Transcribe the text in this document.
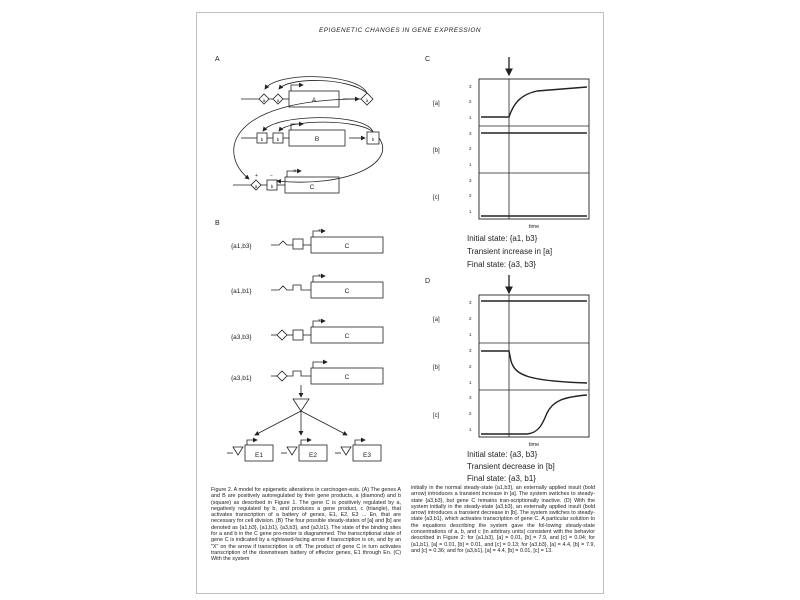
EPIGENETIC CHANGES IN GENE EXPRESSION
A
A
a	a	a
B
b	b	b
C
a	b
×
+ −
B
{a1,b3}	C
×
{a1,b1}	C
×
{a3,b3}	C
×
{a3,b1}	C
E1	E2	E3
C
[a]
[b]
[c]
3
2
1
3
2
1
3
2
1
time
Initial state: {a1, b3}
Transient increase in [a]
Final state: {a3, b3}
D
[a]
[b]
[c]
3
2
1
3
2
1
3
2
1
time
Initial state: {a3, b3}
Transient decrease in [b]
Final state: {a3, b1}
Figure 2. A model for epigenetic alterations in carcinogen-esis. (A) The genes A and B are positively autoregulated by their gene products, a (diamond) and b (square) as described in Figure 1. The gene C is positively regulated by a, negatively regulated by b, and produces a gene product, c (triangle), that activates transcription of a battery of genes, E1, E2, E3 ... En, that are necessary for cell division. (B) The four possible steady-states of [a] and [b] are denoted as {a1,b3}, {a1,b1}, {a3,b3}, and {a3,b1}. The state of the binding sites for a and b in the C gene pro-moter is diagrammed. The transcriptional state of gene C is indicated by a rightward-facing arrow if transcription is on, and by an "X" on the arrow if transcription is off. The product of gene C in turn activates transcription of the downstream battery of effector genes, E1 through En. (C) With the system
initially in the normal steady-state {a1,b3}, an externally applied insult (bold arrow) introduces a transient increase in [a]. The system switches to steady-state {a3,b3}, but gene C remains tran-scriptionally inactive. (D) With the system initially in the steady-state {a3,b3}, an externally applied insult (bold arrow) introduces a transient decrease in [b]. The system switches to steady-state {a3,b1}, which activates transcription of gene C. A particular solution to the equations describing the system gave the fol-lowing steady-state concentrations of a, b, and c (in arbitrary units) consistent with the behavior described in Figure 2: for {a1,b3}, [a] = 0.01, [b] = 7.9, and [c] = 0.04; for {a1,b1}, [a] = 0.01, [b] = 0.01, and [c] = 0.13; for {a3,b3}, [a] = 4.4, [b] = 7.9, and [c] = 0.36; and for {a3,b1}, [a] = 4.4, [b] = 0.01, [c] = 13.
